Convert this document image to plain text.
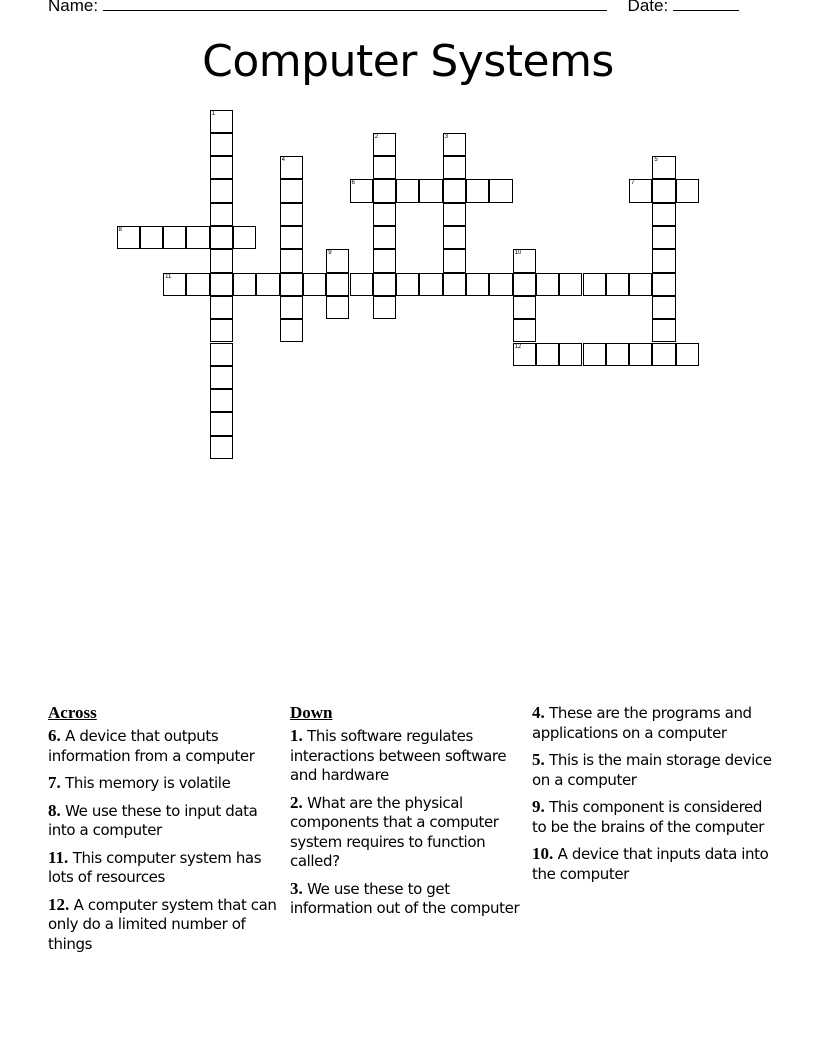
Name:	Date:
Computer Systems
1
2	3
4	5
6	7
8
9	10
12
11
Across
6. A device that outputs information from a computer
7. This memory is volatile
8. We use these to input data into a computer
11. This computer system has lots of resources
12. A computer system that can only do a limited number of things
Down
1. This software regulates interactions between software and hardware
2. What are the physical components that a computer system requires to function called?
3. We use these to get information out of the computer
4. These are the programs and applications on a computer
5. This is the main storage device on a computer
9. This component is considered to be the brains of the computer
10. A device that inputs data into the computer
